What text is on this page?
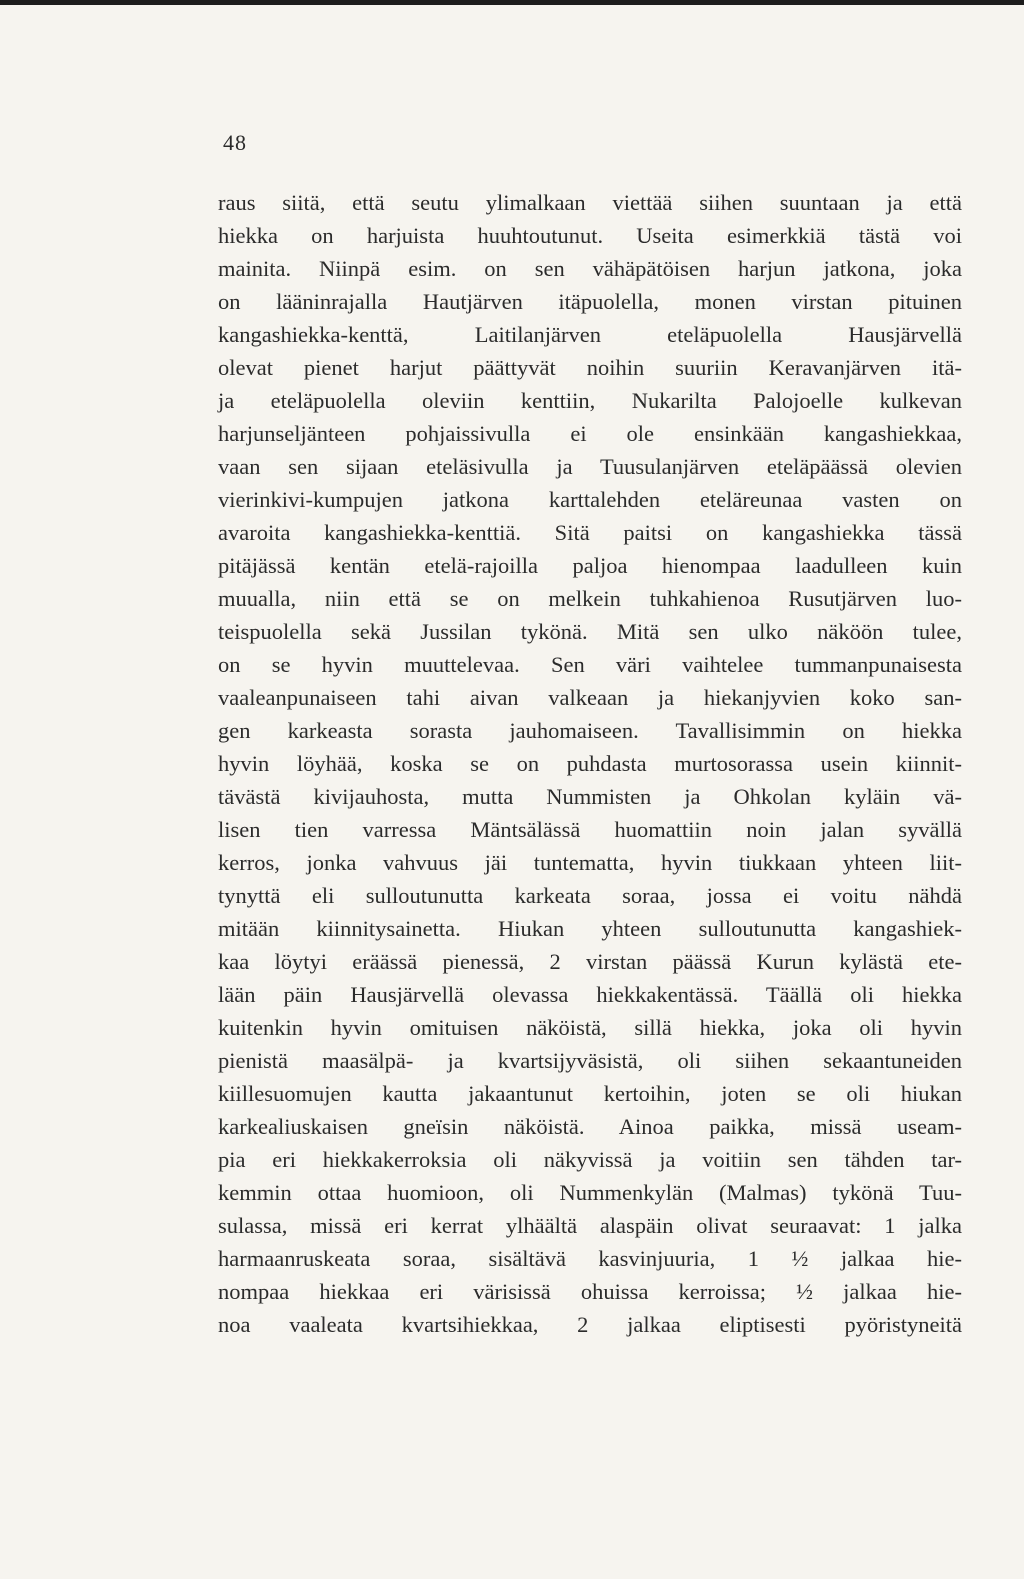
48
raus siitä, että seutu ylimalkaan viettää siihen suuntaan ja että
hiekka on harjuista huuhtoutunut. Useita esimerkkiä tästä voi
mainita. Niinpä esim. on sen vähäpätöisen harjun jatkona, joka
on lääninrajalla Hautjärven itäpuolella, monen virstan pituinen
kangashiekka-kenttä, Laitilanjärven eteläpuolella Hausjärvellä
olevat pienet harjut päättyvät noihin suuriin Keravanjärven itä-
ja eteläpuolella oleviin kenttiin, Nukarilta Palojoelle kulkevan
harjunseljänteen pohjaissivulla ei ole ensinkään kangashiekkaa,
vaan sen sijaan eteläsivulla ja Tuusulanjärven eteläpäässä olevien
vierinkivi-kumpujen jatkona karttalehden eteläreunaa vasten on
avaroita kangashiekka-kenttiä. Sitä paitsi on kangashiekka tässä
pitäjässä kentän etelä-rajoilla paljoa hienompaa laadulleen kuin
muualla, niin että se on melkein tuhkahienoa Rusutjärven luo-
teispuolella sekä Jussilan tykönä. Mitä sen ulko näköön tulee,
on se hyvin muuttelevaa. Sen väri vaihtelee tummanpunaisesta
vaaleanpunaiseen tahi aivan valkeaan ja hiekanjyvien koko san-
gen karkeasta sorasta jauhomaiseen. Tavallisimmin on hiekka
hyvin löyhää, koska se on puhdasta murtosorassa usein kiinnit-
tävästä kivijauhosta, mutta Nummisten ja Ohkolan kyläin vä-
lisen tien varressa Mäntsälässä huomattiin noin jalan syvällä
kerros, jonka vahvuus jäi tuntematta, hyvin tiukkaan yhteen liit-
tynyttä eli sulloutunutta karkeata soraa, jossa ei voitu nähdä
mitään kiinnitysainetta. Hiukan yhteen sulloutunutta kangashiek-
kaa löytyi eräässä pienessä, 2 virstan päässä Kurun kylästä ete-
lään päin Hausjärvellä olevassa hiekkakentässä. Täällä oli hiekka
kuitenkin hyvin omituisen näköistä, sillä hiekka, joka oli hyvin
pienistä maasälpä- ja kvartsijyväsistä, oli siihen sekaantuneiden
kiillesuomujen kautta jakaantunut kertoihin, joten se oli hiukan
karkealiuskaisen gneïsin näköistä. Ainoa paikka, missä useam-
pia eri hiekkakerroksia oli näkyvissä ja voitiin sen tähden tar-
kemmin ottaa huomioon, oli Nummenkylän (Malmas) tykönä Tuu-
sulassa, missä eri kerrat ylhäältä alaspäin olivat seuraavat: 1 jalka
harmaanruskeata soraa, sisältävä kasvinjuuria, 1 ½ jalkaa hie-
nompaa hiekkaa eri värisissä ohuissa kerroissa; ½ jalkaa hie-
noa vaaleata kvartsihiekkaa, 2 jalkaa eliptisesti pyöristyneitä
